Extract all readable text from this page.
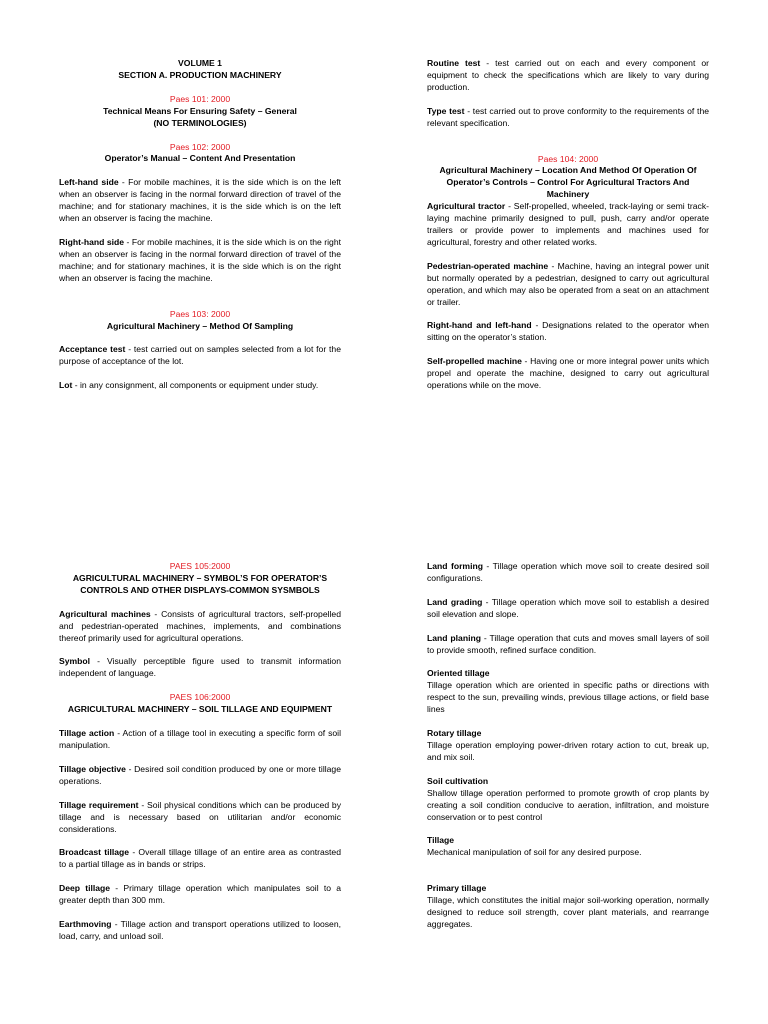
VOLUME 1
SECTION A. PRODUCTION MACHINERY
Paes 101: 2000
Technical Means For Ensuring Safety – General
(NO TERMINOLOGIES)
Paes 102: 2000
Operator’s Manual – Content And Presentation

Left-hand side - For mobile machines, it is the side which is on the left when an observer is facing in the normal forward direction of travel of the machine; and for stationary machines, it is the side which is on the left when an observer is facing the machine.

Right-hand side - For mobile machines, it is the side which is on the right when an observer is facing in the normal forward direction of travel of the machine; and for stationary machines, it is the side which is on the right when an observer is facing the machine.

Paes 103: 2000
Agricultural Machinery – Method Of Sampling

Acceptance test - test carried out on samples selected from a lot for the purpose of acceptance of the lot.

Lot - in any consignment, all components or equipment under study.

Routine test - test carried out on each and every component or equipment to check the specifications which are likely to vary during production.

Type test - test carried out to prove conformity to the requirements of the relevant specification.

Paes 104: 2000
Agricultural Machinery – Location And Method Of Operation Of Operator’s Controls – Control For Agricultural Tractors And Machinery

Agricultural tractor - Self-propelled, wheeled, track-laying or semi track-laying machine primarily designed to pull, push, carry and/or operate trailers or provide power to implements and machines used for agricultural, forestry and other related works.

Pedestrian-operated machine - Machine, having an integral power unit but normally operated by a pedestrian, designed to carry out agricultural operation, and which may also be operated from a seat on an attachment or trailer.

Right-hand and left-hand - Designations related to the operator when sitting on the operator’s station.

Self-propelled machine - Having one or more integral power units which propel and operate the machine, designed to carry out agricultural operations while on the move.

PAES 105:2000
AGRICULTURAL MACHINERY – SYMBOL’S FOR OPERATOR’S CONTROLS AND OTHER DISPLAYS-COMMON SYSMBOLS

Agricultural machines - Consists of agricultural tractors, self-propelled and pedestrian-operated machines, implements, and combinations thereof primarily used for agricultural operations.

Symbol - Visually perceptible figure used to transmit information independent of language.

PAES 106:2000
AGRICULTURAL MACHINERY – SOIL TILLAGE AND EQUIPMENT

Tillage action - Action of a tillage tool in executing a specific form of soil manipulation.

Tillage objective - Desired soil condition produced by one or more tillage operations.

Tillage requirement - Soil physical conditions which can be produced by tillage and is necessary based on utilitarian and/or economic considerations.

Broadcast tillage - Overall tillage tillage of an entire area as contrasted to a partial tillage as in bands or strips.

Deep tillage - Primary tillage operation which manipulates soil to a greater depth than 300 mm.

Earthmoving - Tillage action and transport operations utilized to loosen, load, carry, and unload soil.

Land forming - Tillage operation which move soil to create desired soil configurations.

Land grading - Tillage operation which move soil to establish a desired soil elevation and slope.

Land planing - Tillage operation that cuts and moves small layers of soil to provide smooth, refined surface condition.

Oriented tillage

Tillage operation which are oriented in specific paths or directions with respect to the sun, prevailing winds, previous tillage actions, or field base lines

Rotary tillage

Tillage operation employing power-driven rotary action to cut, break up, and mix soil.

Soil cultivation

Shallow tillage operation performed to promote growth of crop plants by creating a soil condition conducive to aeration, infiltration, and moisture conservation or to pest control

Tillage

Mechanical manipulation of soil for any desired purpose.

Primary tillage

Tillage, which constitutes the initial major soil-working operation, normally designed to reduce soil strength, cover plant materials, and rearrange aggregates.
